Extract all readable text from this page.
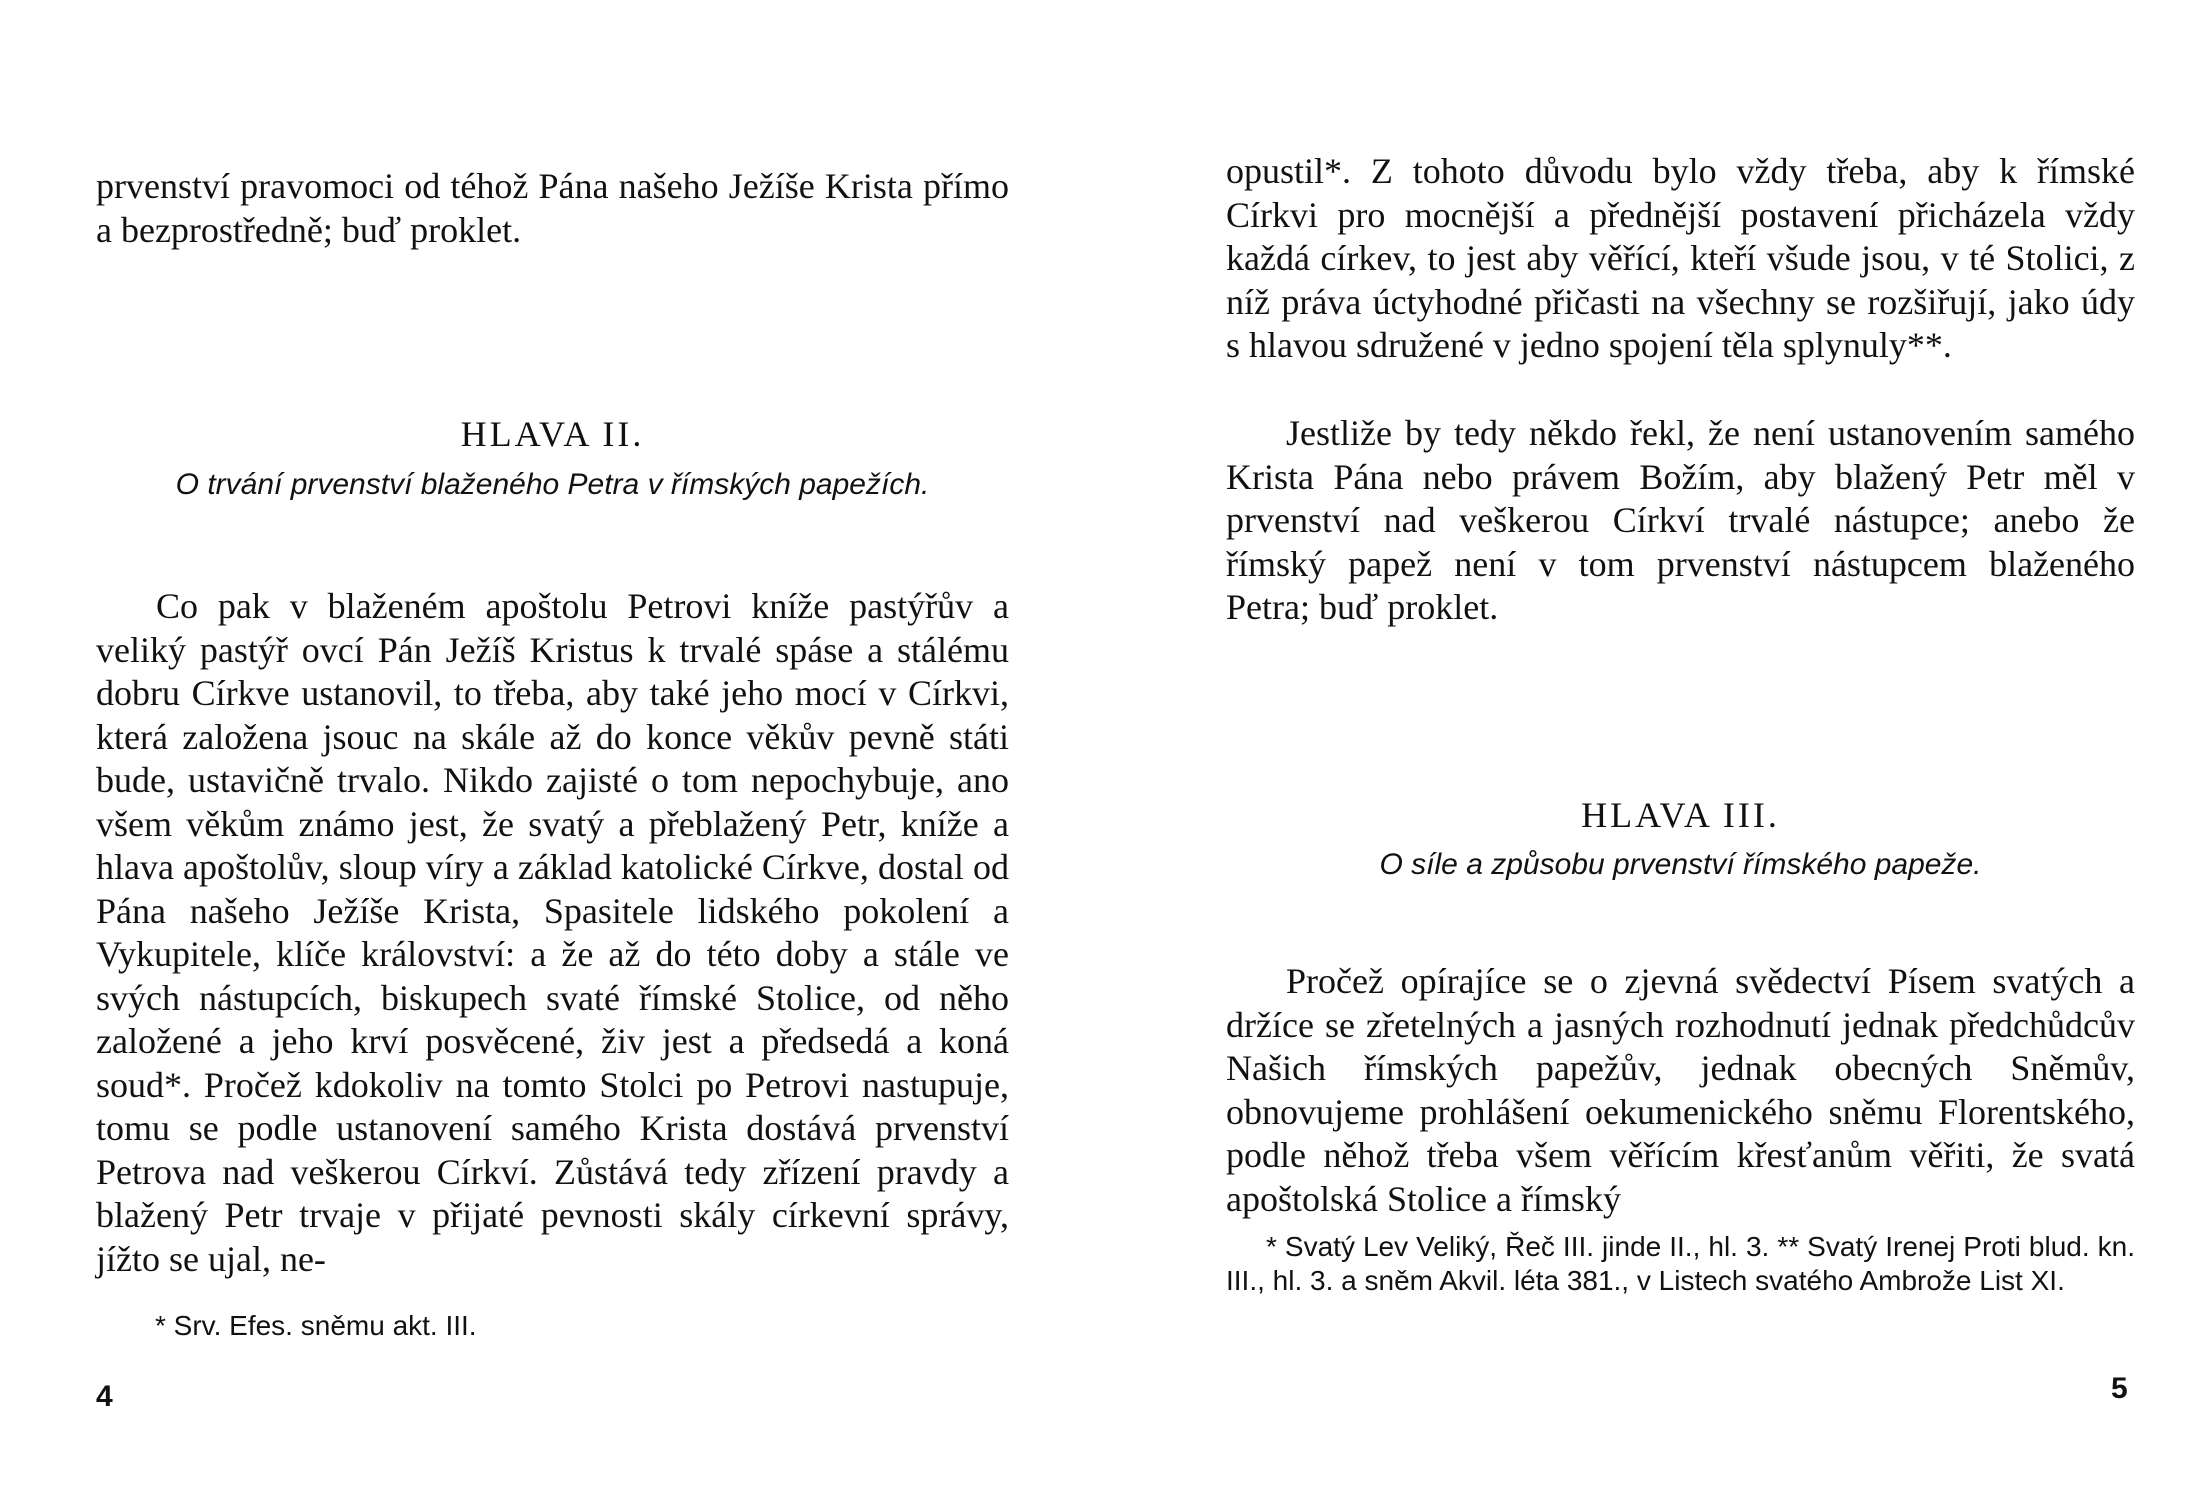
prvenství pravomoci od téhož Pána našeho Ježíše Krista přímo a bezprostředně; buď proklet.

HLAVA II.

O trvání prvenství blaženého Petra v římských papežích.

Co pak v blaženém apoštolu Petrovi kníže pastýřův a veliký pastýř ovcí Pán Ježíš Kristus k trvalé spáse a stálému dobru Církve ustanovil, to třeba, aby také jeho mocí v Církvi, která založena jsouc na skále až do konce věkův pevně státi bude, ustavičně trvalo. Nikdo zajisté o tom nepochybuje, ano všem věkům známo jest, že svatý a přeblažený Petr, kníže a hlava apoštolův, sloup víry a základ katolické Církve, dostal od Pána našeho Ježíše Krista, Spasitele lidského pokolení a Vykupitele, klíče království: a že až do této doby a stále ve svých nástupcích, biskupech svaté římské Stolice, od něho založené a jeho krví posvěcené, živ jest a předsedá a koná soud*. Pročež kdokoliv na tomto Stolci po Petrovi nastupuje, tomu se podle ustanovení samého Krista dostává prvenství Petrova nad veškerou Církví. Zůstává tedy zřízení pravdy a blažený Petr trvaje v přijaté pevnosti skály církevní správy, jížto se ujal, ne-

* Srv. Efes. sněmu akt. III.

4

opustil*. Z tohoto důvodu bylo vždy třeba, aby k římské Církvi pro mocnější a přednější postavení přicházela vždy každá církev, to jest aby věřící, kteří všude jsou, v té Stolici, z níž práva úctyhodné přičasti na všechny se rozšiřují, jako údy s hlavou sdružené v jedno spojení těla splynuly**.

Jestliže by tedy někdo řekl, že není ustanovením samého Krista Pána nebo právem Božím, aby blažený Petr měl v prvenství nad veškerou Církví trvalé nástupce; anebo že římský papež není v tom prvenství nástupcem blaženého Petra; buď proklet.

HLAVA III.

O síle a způsobu prvenství římského papeže.

Pročež opírajíce se o zjevná svědectví Písem svatých a držíce se zřetelných a jasných rozhodnutí jednak předchůdcův Našich římských papežův, jednak obecných Sněmův, obnovujeme prohlášení oekumenického sněmu Florentského, podle něhož třeba všem věřícím křesťanům věřiti, že svatá apoštolská Stolice a římský

* Svatý Lev Veliký, Řeč III. jinde II., hl. 3. ** Svatý Irenej Proti blud. kn. III., hl. 3. a sněm Akvil. léta 381., v Listech svatého Ambrože List XI.

5
